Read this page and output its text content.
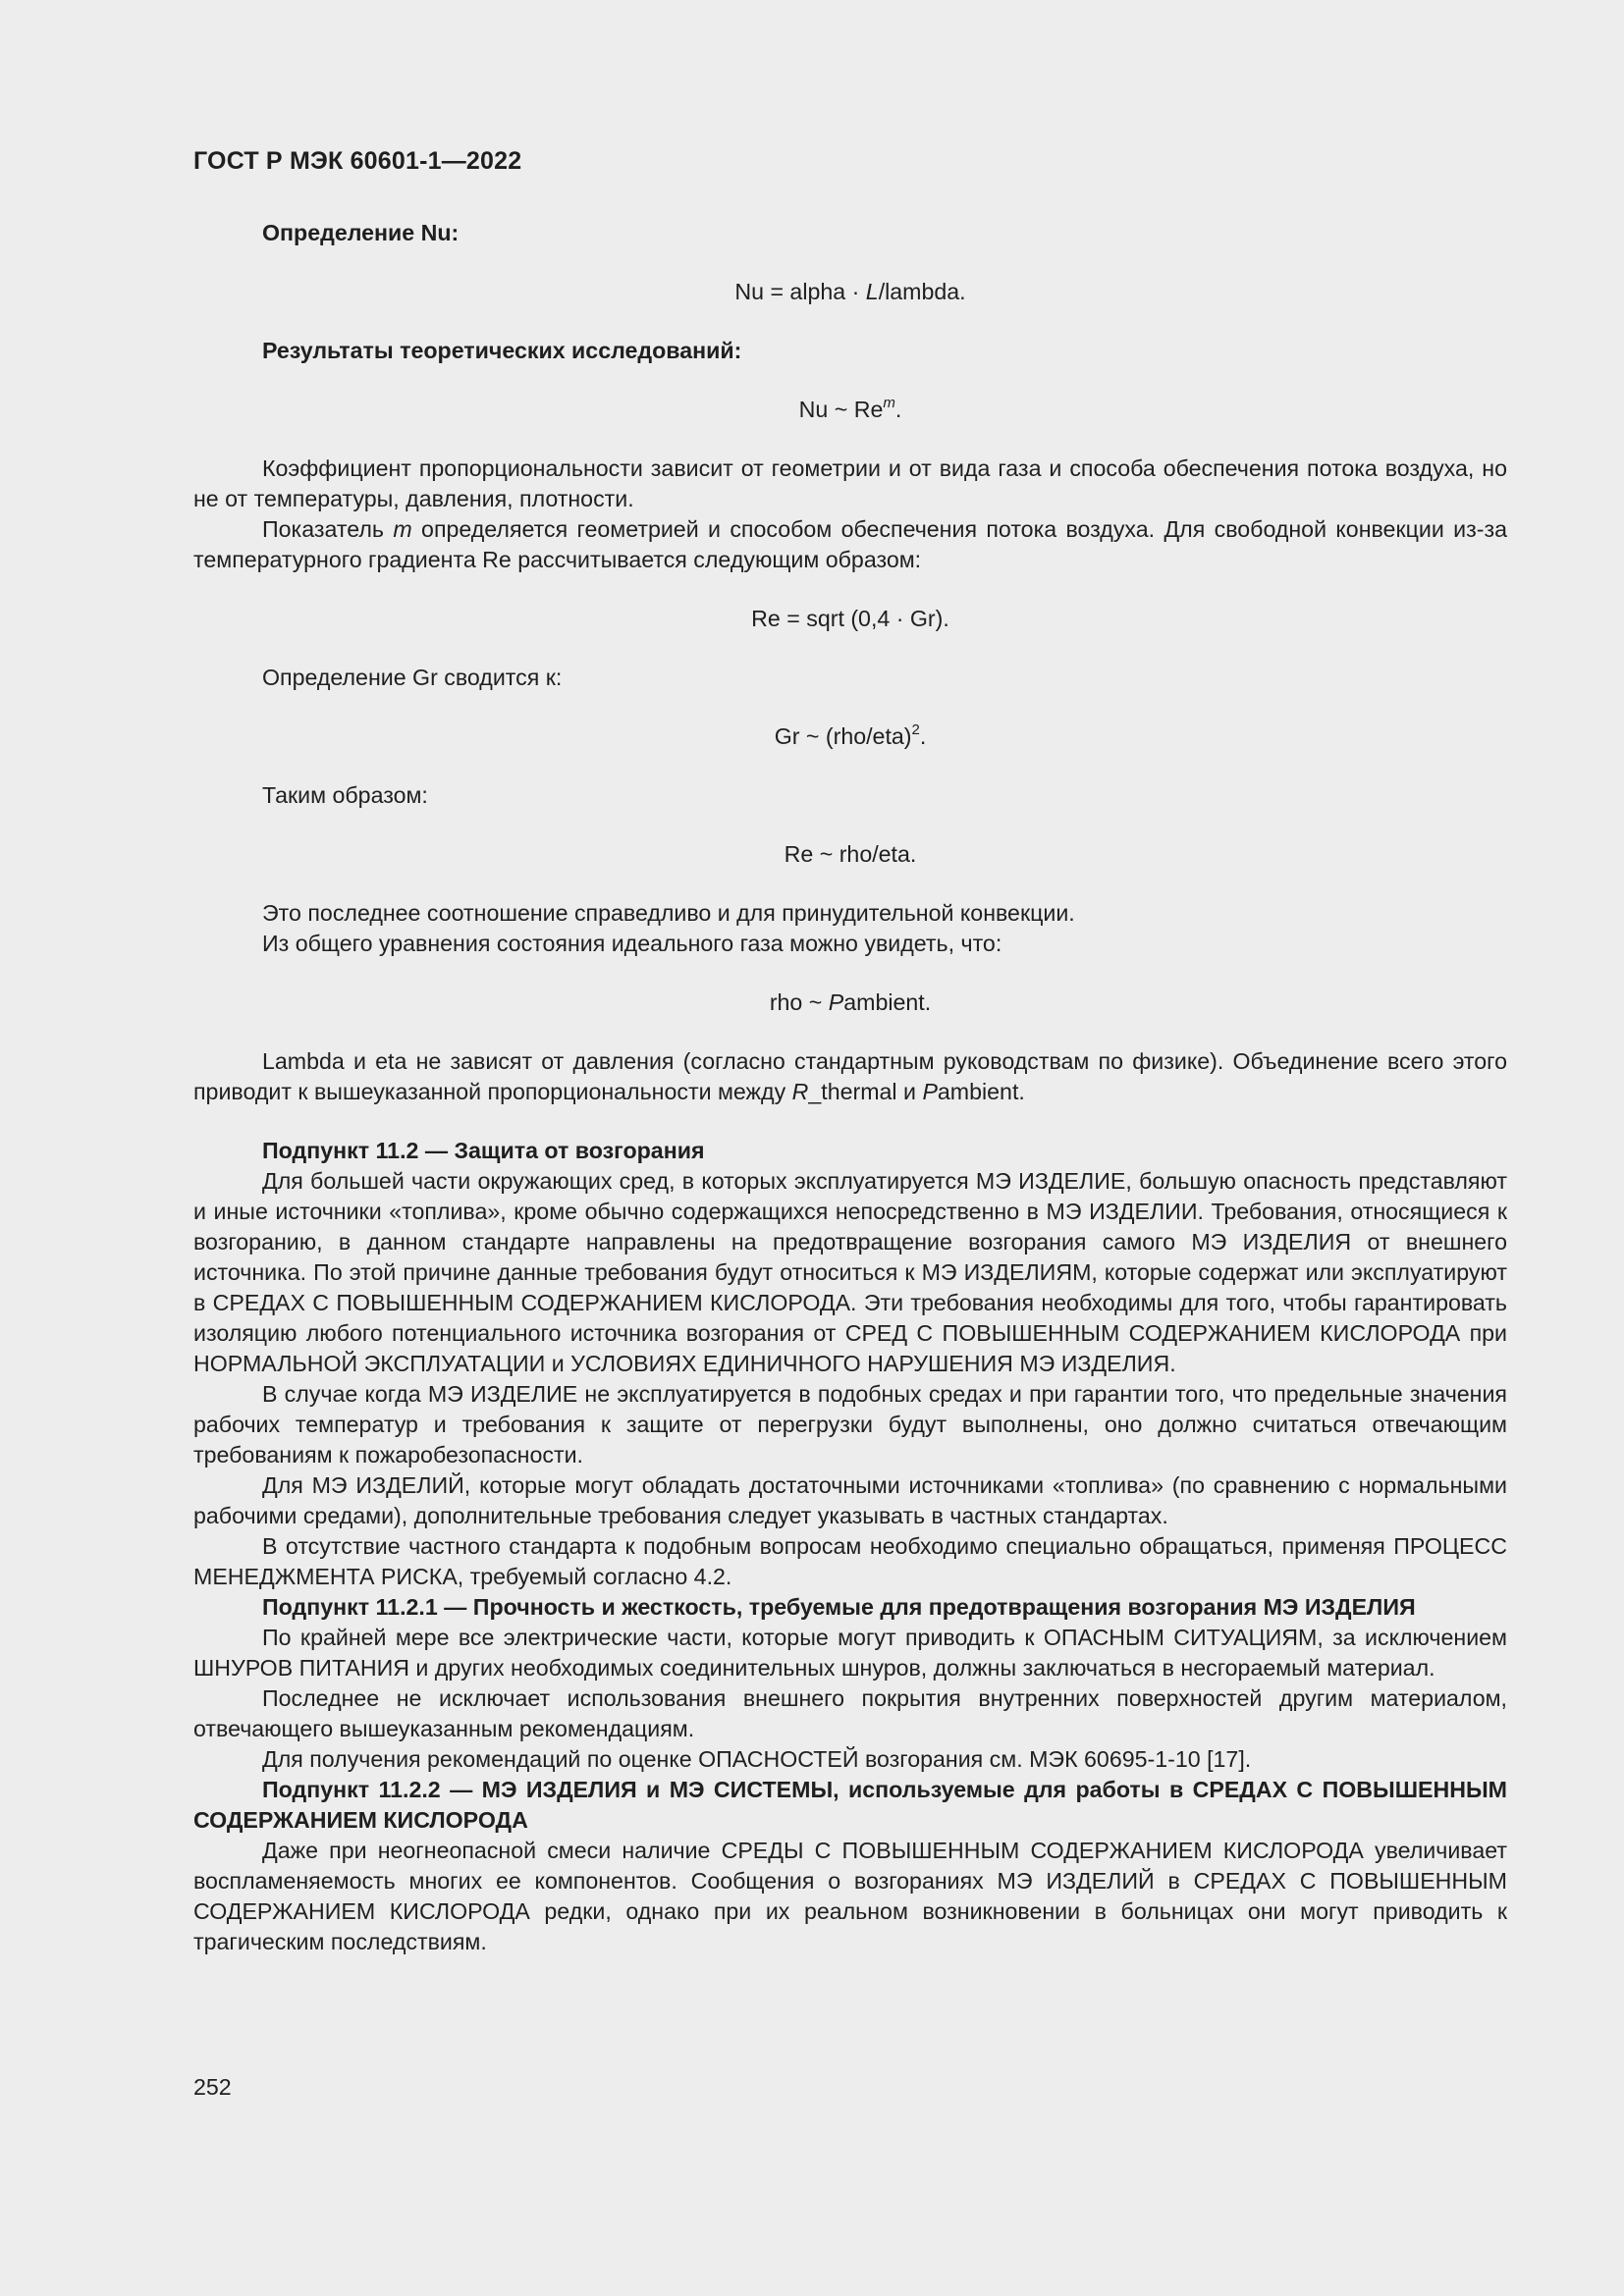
ГОСТ Р МЭК 60601-1—2022

Определение Nu:

Nu = alpha · L/lambda.

Результаты теоретических исследований:

Nu ~ Re$^m$.

Коэффициент пропорциональности зависит от геометрии и от вида газа и способа обеспечения потока воздуха, но не от температуры, давления, плотности.

Показатель m определяется геометрией и способом обеспечения потока воздуха. Для свободной конвекции из-за температурного градиента Re рассчитывается следующим образом:

Re = sqrt (0,4 · Gr).

Определение Gr сводится к:

Gr ~ $(rho/eta)^2$.

Таким образом:

Re ~ rho/eta.

Это последнее соотношение справедливо и для принудительной конвекции.

Из общего уравнения состояния идеального газа можно увидеть, что:

rho ~ Pambient.

Lambda и eta не зависят от давления (согласно стандартным руководствам по физике). Объединение всего этого приводит к вышеуказанной пропорциональности между R_thermal и Pambient.

Подпункт 11.2 — Защита от возгорания

Для большей части окружающих сред, в которых эксплуатируется МЭ ИЗДЕЛИЕ, большую опасность представляют и иные источники «топлива», кроме обычно содержащихся непосредственно в МЭ ИЗДЕЛИИ. Требования, относящиеся к возгоранию, в данном стандарте направлены на предотвращение возгорания самого МЭ ИЗДЕЛИЯ от внешнего источника. По этой причине данные требования будут относиться к МЭ ИЗДЕЛИЯМ, которые содержат или эксплуатируют в СРЕДАХ С ПОВЫШЕННЫМ СОДЕРЖАНИЕМ КИСЛОРОДА. Эти требования необходимы для того, чтобы гарантировать изоляцию любого потенциального источника возгорания от СРЕД С ПОВЫШЕННЫМ СОДЕРЖАНИЕМ КИСЛОРОДА при НОРМАЛЬНОЙ ЭКСПЛУАТАЦИИ и УСЛОВИЯХ ЕДИНИЧНОГО НАРУШЕНИЯ МЭ ИЗДЕЛИЯ.

В случае когда МЭ ИЗДЕЛИЕ не эксплуатируется в подобных средах и при гарантии того, что предельные значения рабочих температур и требования к защите от перегрузки будут выполнены, оно должно считаться отвечающим требованиям к пожаробезопасности.

Для МЭ ИЗДЕЛИЙ, которые могут обладать достаточными источниками «топлива» (по сравнению с нормальными рабочими средами), дополнительные требования следует указывать в частных стандартах.

В отсутствие частного стандарта к подобным вопросам необходимо специально обращаться, применяя ПРОЦЕСС МЕНЕДЖМЕНТА РИСКА, требуемый согласно 4.2.

Подпункт 11.2.1 — Прочность и жесткость, требуемые для предотвращения возгорания МЭ ИЗДЕЛИЯ

По крайней мере все электрические части, которые могут приводить к ОПАСНЫМ СИТУАЦИЯМ, за исключением ШНУРОВ ПИТАНИЯ и других необходимых соединительных шнуров, должны заключаться в несгораемый материал.

Последнее не исключает использования внешнего покрытия внутренних поверхностей другим материалом, отвечающего вышеуказанным рекомендациям.

Для получения рекомендаций по оценке ОПАСНОСТЕЙ возгорания см. МЭК 60695-1-10 [17].

Подпункт 11.2.2 — МЭ ИЗДЕЛИЯ и МЭ СИСТЕМЫ, используемые для работы в СРЕДАХ С ПОВЫШЕННЫМ СОДЕРЖАНИЕМ КИСЛОРОДА

Даже при неогнеопасной смеси наличие СРЕДЫ С ПОВЫШЕННЫМ СОДЕРЖАНИЕМ КИСЛОРОДА увеличивает воспламеняемость многих ее компонентов. Сообщения о возгораниях МЭ ИЗДЕЛИЙ в СРЕДАХ С ПОВЫШЕННЫМ СОДЕРЖАНИЕМ КИСЛОРОДА редки, однако при их реальном возникновении в больницах они могут приводить к трагическим последствиям.

252
